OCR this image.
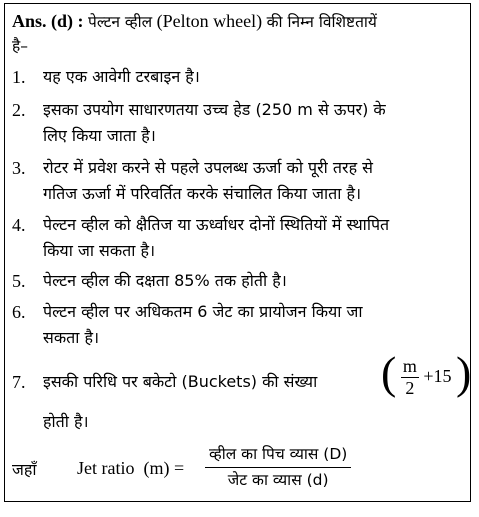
Ans. (d) : पेल्टन व्हील (Pelton wheel) की निम्न विशिष्टतायें
है–
1. यह एक आवेगी टरबाइन है।
2. इसका उपयोग साधारणतया उच्च हेड (250 m से ऊपर) के
लिए किया जाता है।
3. रोटर में प्रवेश करने से पहले उपलब्ध ऊर्जा को पूरी तरह से
गतिज ऊर्जा में परिवर्तित करके संचालित किया जाता है।
4. पेल्टन व्हील को क्षैतिज या ऊर्ध्वाधर दोनों स्थितियों में स्थापित
किया जा सकता है।
5. पेल्टन व्हील की दक्षता 85% तक होती है।
6. पेल्टन व्हील पर अधिकतम 6 जेट का प्रायोजन किया जा
सकता है।
7. इसकी परिधि पर बकेटो (Buckets) की संख्या ( $\frac{m}{2} +15$ )
होती है।
जहाँ Jet ratio (m) =
व्हील का पिच व्यास (D)
जेट का व्यास (d)
